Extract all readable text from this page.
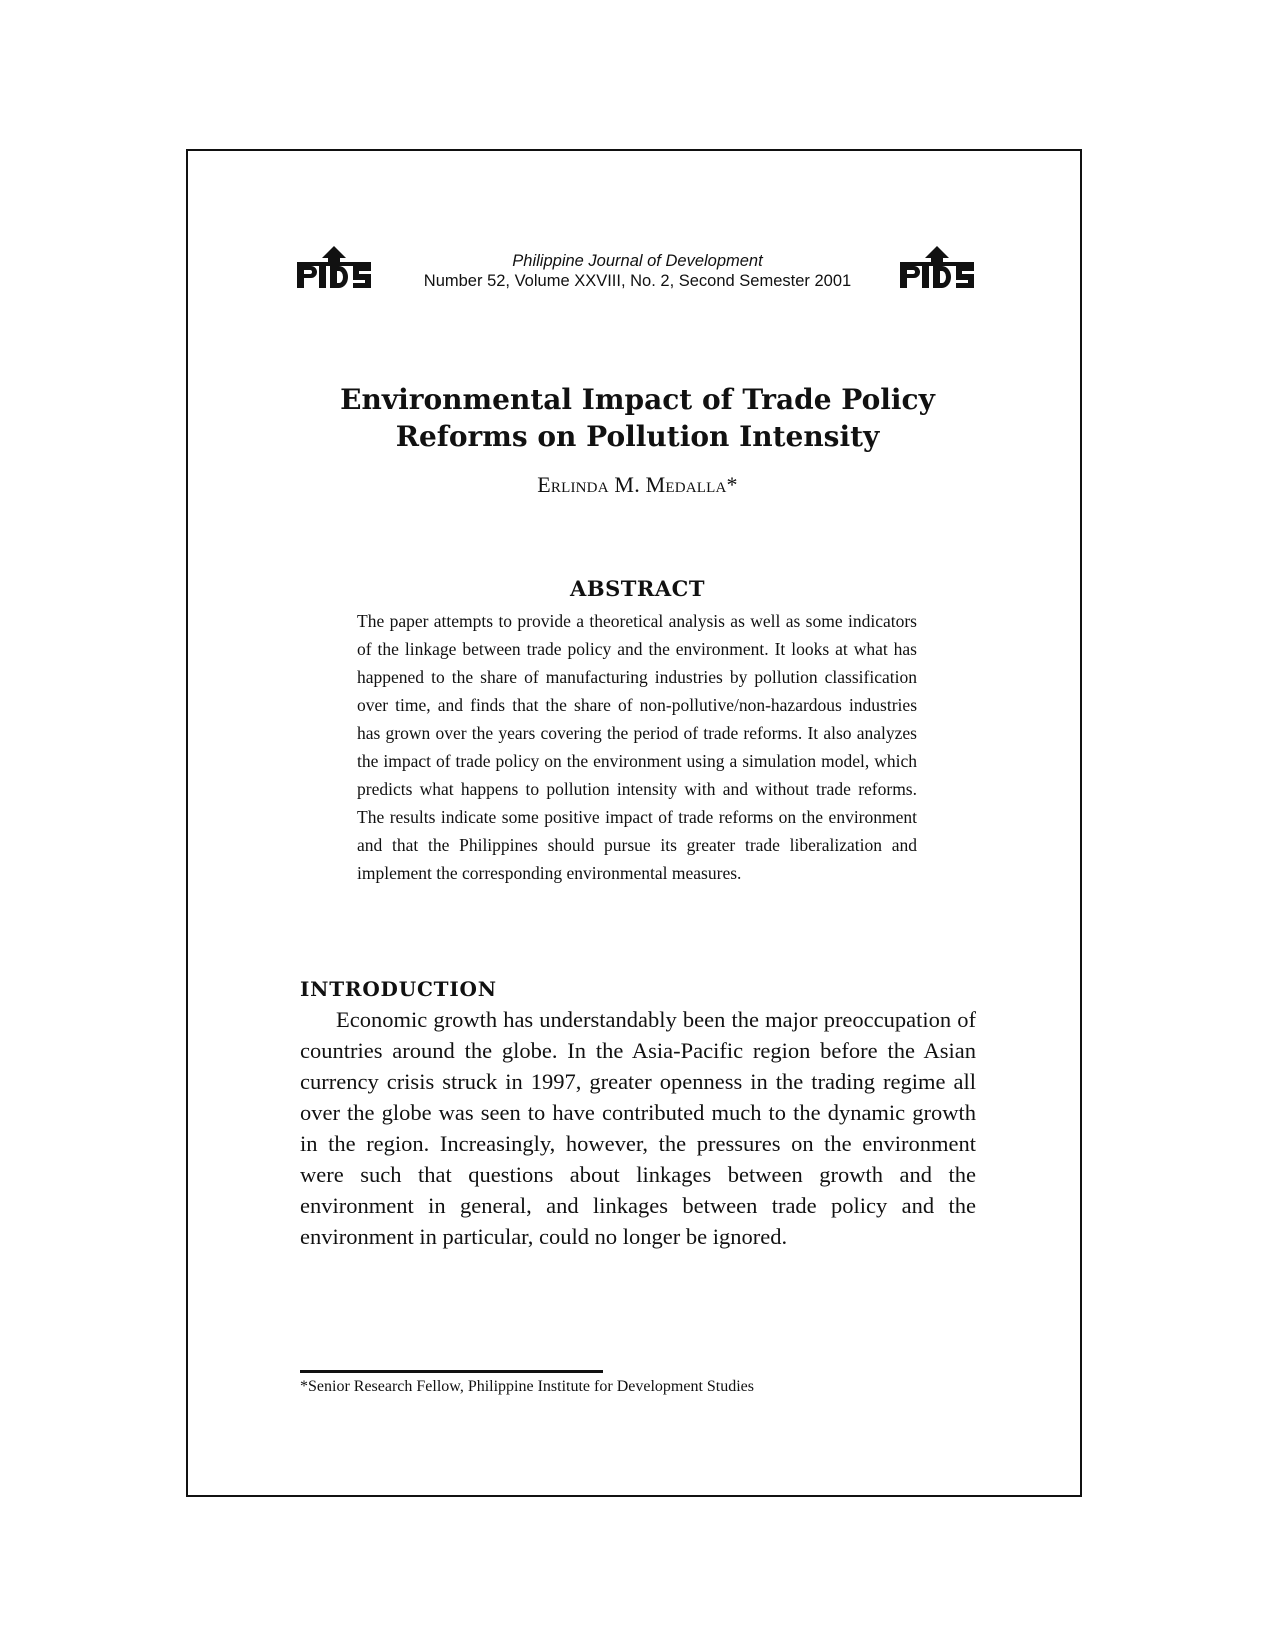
Philippine Journal of Development
Number 52, Volume XXVIII, No. 2, Second Semester 2001
Environmental Impact of Trade Policy
Reforms on Pollution Intensity
Erlinda M. Medalla*
ABSTRACT
The paper attempts to provide a theoretical analysis as well as some indicators of the linkage between trade policy and the environment. It looks at what has happened to the share of manufacturing industries by pollution classification over time, and finds that the share of non-pollutive/non-hazardous industries has grown over the years covering the period of trade reforms. It also analyzes the impact of trade policy on the environment using a simulation model, which predicts what happens to pollution intensity with and without trade reforms. The results indicate some positive impact of trade reforms on the environment and that the Philippines should pursue its greater trade liberalization and implement the corresponding environmental measures.
INTRODUCTION
Economic growth has understandably been the major preoccupation of countries around the globe. In the Asia-Pacific region before the Asian currency crisis struck in 1997, greater openness in the trading regime all over the globe was seen to have contributed much to the dynamic growth in the region. Increasingly, however, the pressures on the environment were such that questions about linkages between growth and the environment in general, and linkages between trade policy and the environment in particular, could no longer be ignored.
*Senior Research Fellow, Philippine Institute for Development Studies
